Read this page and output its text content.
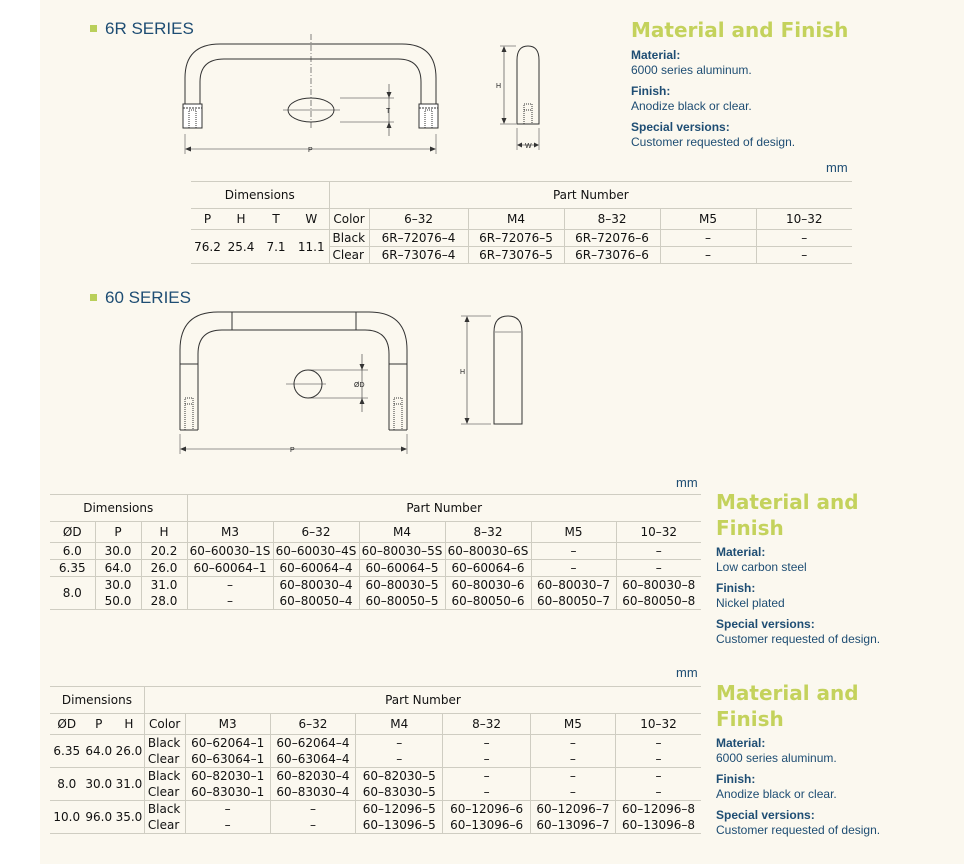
6R SERIES
T
P
H
W
Material and Finish
Material:
6000 series aluminum.
Finish:
Anodize black or clear.
Special versions:
Customer requested of design.
mm
Dimensions				Part Number					
P	H	T	W	Color	6–32	M4	8–32	M5	10–32
76.2	25.4	7.1	11.1	Black	6R–72076–4	6R–72076–5	6R–72076–6	–	–
				Clear	6R–73076–4	6R–73076–5	6R–73076–6	–	–
60 SERIES
ØD
P
H
mm
Dimensions			Part Number					
ØD	P	H	M3	6–32	M4	8–32	M5	10–32
6.0	30.0	20.2	60–60030–1S	60–60030–4S	60–80030–5S	60–80030–6S	–	–
6.35	64.0	26.0	60–60064–1	60–60064–4	60–60064–5	60–60064–6	–	–
8.0	30.0	31.0	–	60–80030–4	60–80030–5	60–80030–6	60–80030–7	60–80030–8
	50.0	28.0	–	60–80050–4	60–80050–5	60–80050–6	60–80050–7	60–80050–8
Material and
Finish
Material:
Low carbon steel
Finish:
Nickel plated
Special versions:
Customer requested of design.
mm
Dimensions			Part Number						
ØD	P	H	Color	M3	6–32	M4	8–32	M5	10–32
6.35	64.0	26.0	Black	60–62064–1	60–62064–4	–	–	–	–
			Clear	60–63064–1	60–63064–4	–	–	–	–
8.0	30.0	31.0	Black	60–82030–1	60–82030–4	60–82030–5	–	–	–
			Clear	60–83030–1	60–83030–4	60–83030–5	–	–	–
10.0	96.0	35.0	Black	–	–	60–12096–5	60–12096–6	60–12096–7	60–12096–8
			Clear	–	–	60–13096–5	60–13096–6	60–13096–7	60–13096–8
Material and
Finish
Material:
6000 series aluminum.
Finish:
Anodize black or clear.
Special versions:
Customer requested of design.
